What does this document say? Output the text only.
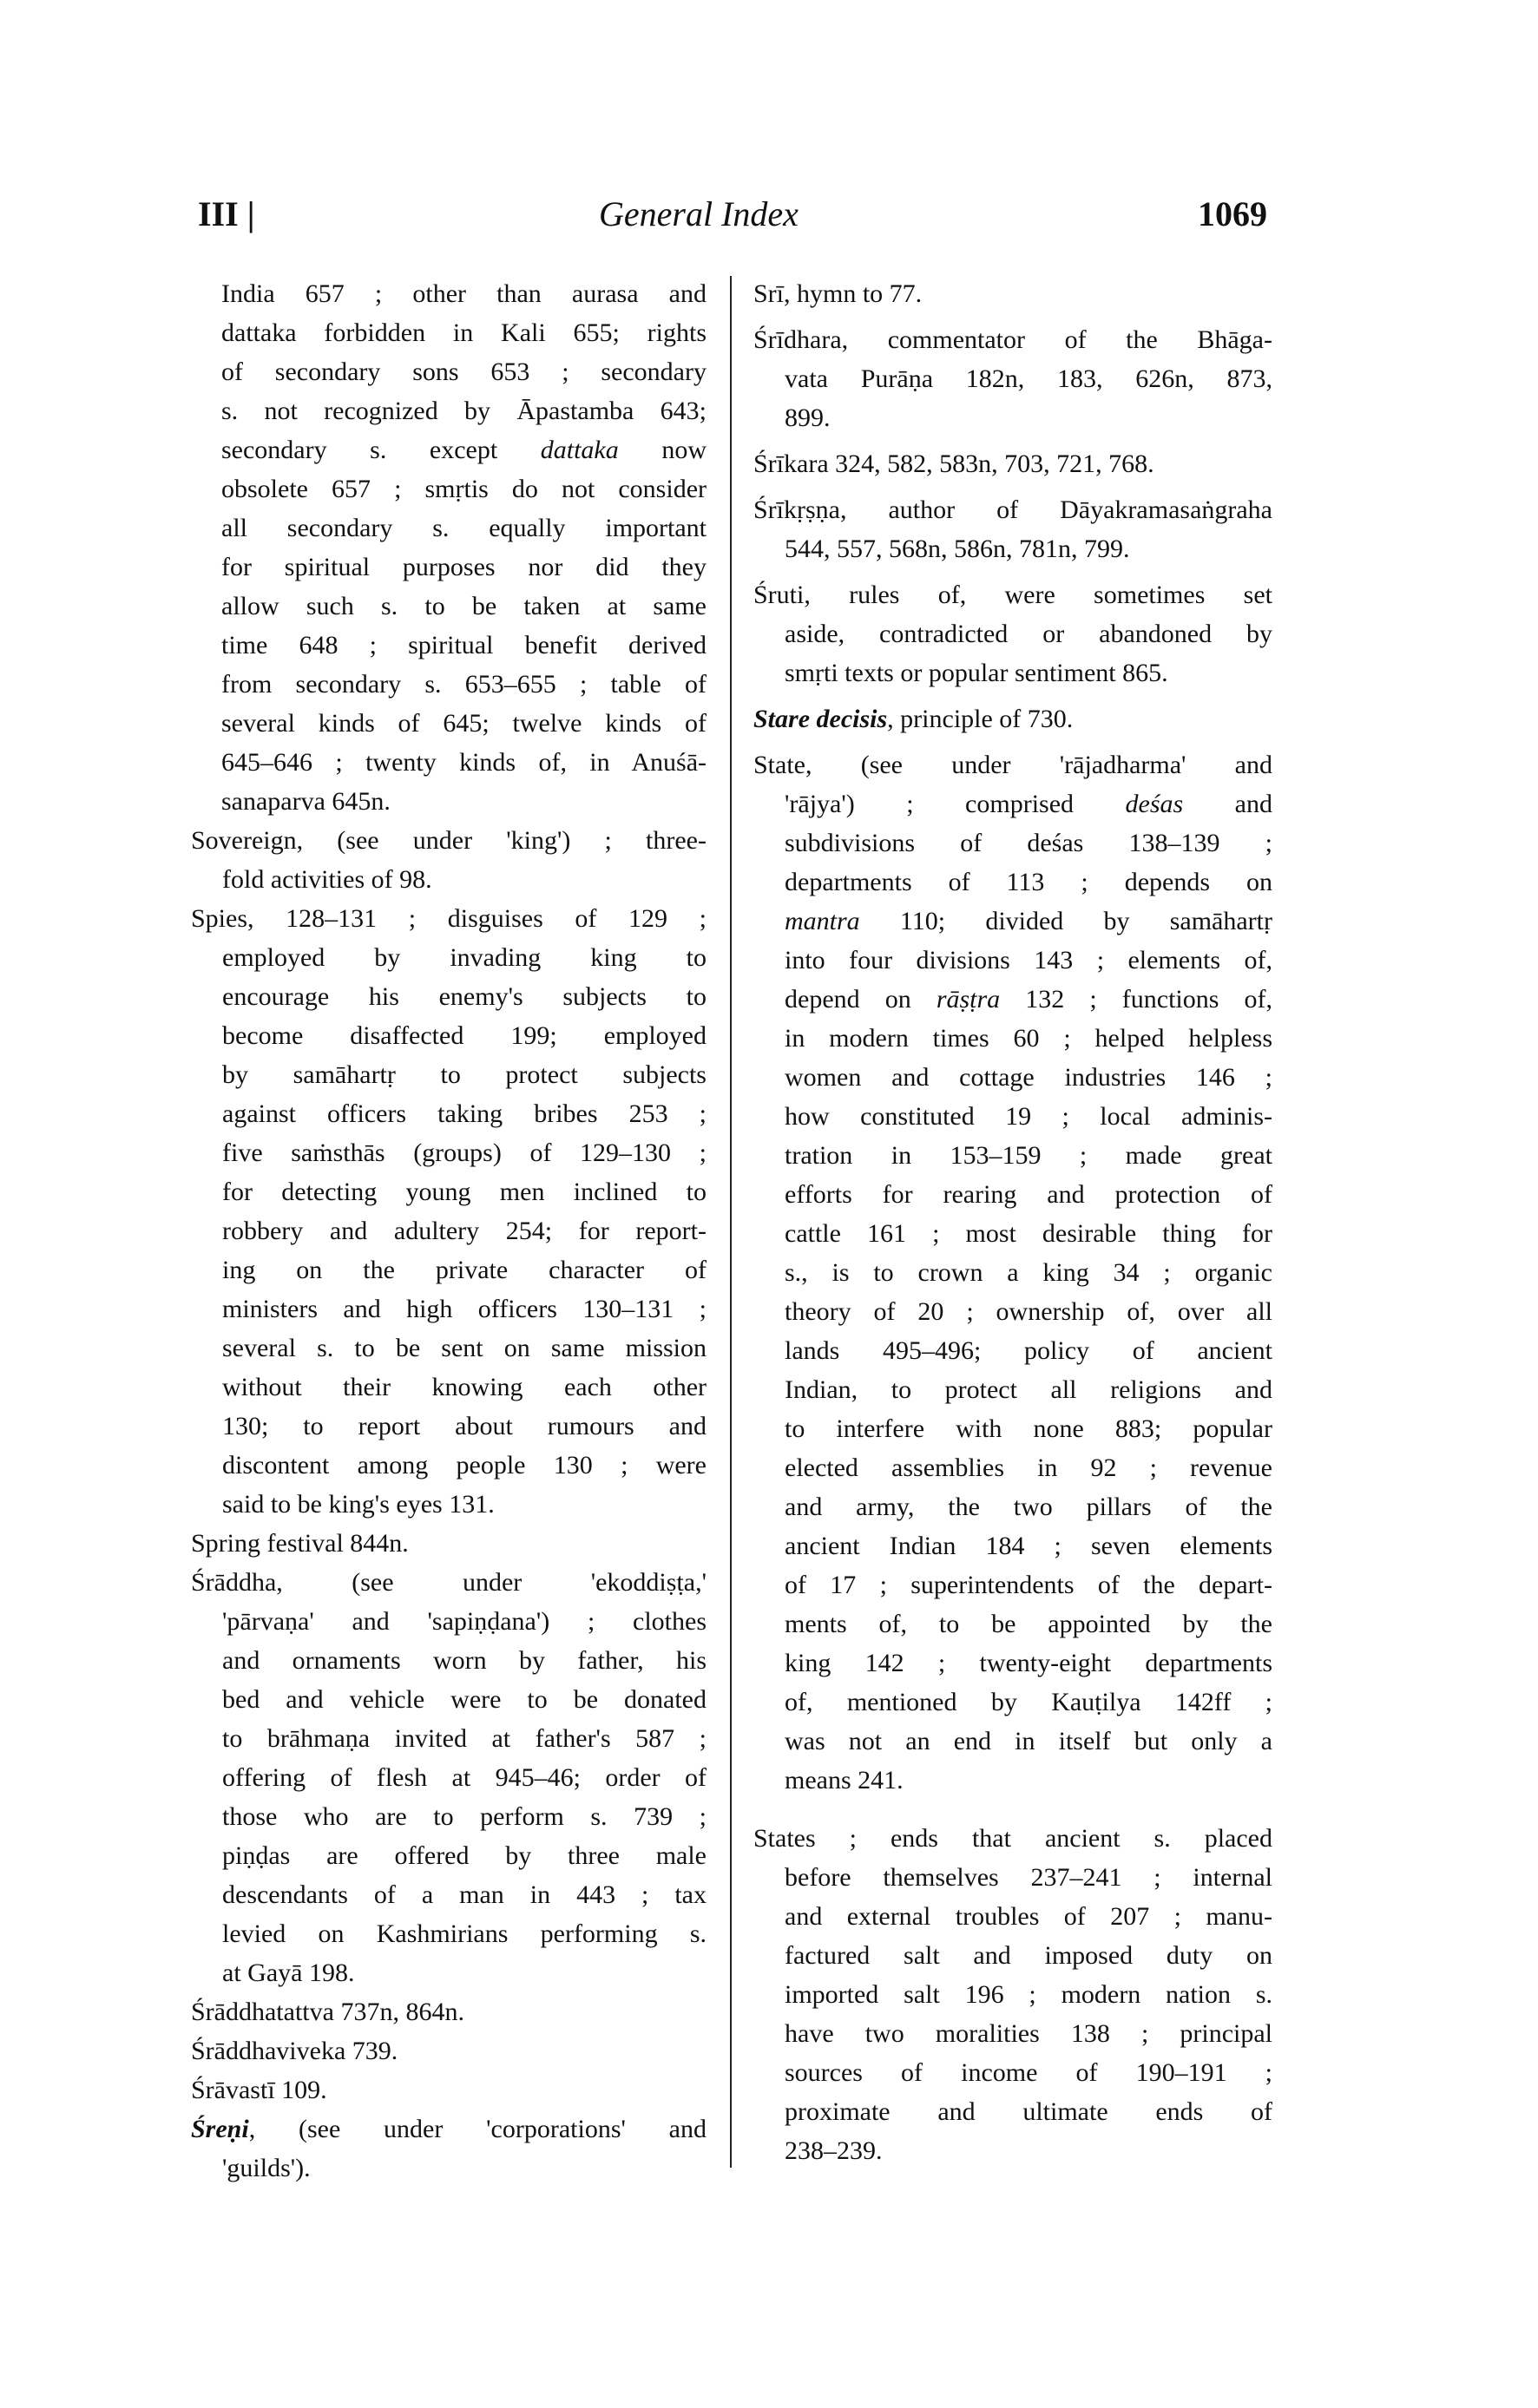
III |	General Index	1069
India 657 ; other than aurasa and
dattaka forbidden in Kali 655; rights
of secondary sons 653 ; secondary
s. not recognized by Āpastamba 643;
secondary s. except dattaka now
obsolete 657 ; smṛtis do not consider
all secondary s. equally important
for spiritual purposes nor did they
allow such s. to be taken at same
time 648 ; spiritual benefit derived
from secondary s. 653–655 ; table of
several kinds of 645; twelve kinds of
645–646 ; twenty kinds of, in Anuśā-
sanaparva 645n.
Sovereign, (see under 'king') ; three-
fold activities of 98.
Spies, 128–131 ; disguises of 129 ;
employed by invading king to
encourage his enemy's subjects to
become disaffected 199; employed
by samāhartṛ to protect subjects
against officers taking bribes 253 ;
five saṁsthās (groups) of 129–130 ;
for detecting young men inclined to
robbery and adultery 254; for report-
ing on the private character of
ministers and high officers 130–131 ;
several s. to be sent on same mission
without their knowing each other
130; to report about rumours and
discontent among people 130 ; were
said to be king's eyes 131.
Spring festival 844n.
Śrāddha, (see under 'ekoddiṣṭa,'
'pārvaṇa' and 'sapiṇḍana') ; clothes
and ornaments worn by father, his
bed and vehicle were to be donated
to brāhmaṇa invited at father's 587 ;
offering of flesh at 945–46; order of
those who are to perform s. 739 ;
piṇḍas are offered by three male
descendants of a man in 443 ; tax
levied on Kashmirians performing s.
at Gayā 198.
Śrāddhatattva 737n, 864n.
Śrāddhaviveka 739.
Śrāvastī 109.
Śreṇi, (see under 'corporations' and
'guilds').
Srī, hymn to 77.
Śrīdhara, commentator of the Bhāga-
vata Purāṇa 182n, 183, 626n, 873,
899.
Śrīkara 324, 582, 583n, 703, 721, 768.
Śrīkṛṣṇa, author of Dāyakramasaṅgraha
544, 557, 568n, 586n, 781n, 799.
Śruti, rules of, were sometimes set
aside, contradicted or abandoned by
smṛti texts or popular sentiment 865.
Stare decisis, principle of 730.
State, (see under 'rājadharma' and
'rājya') ; comprised deśas and
subdivisions of deśas 138–139 ;
departments of 113 ; depends on
mantra 110; divided by samāhartṛ
into four divisions 143 ; elements of,
depend on rāṣṭra 132 ; functions of,
in modern times 60 ; helped helpless
women and cottage industries 146 ;
how constituted 19 ; local adminis-
tration in 153–159 ; made great
efforts for rearing and protection of
cattle 161 ; most desirable thing for
s., is to crown a king 34 ; organic
theory of 20 ; ownership of, over all
lands 495–496; policy of ancient
Indian, to protect all religions and
to interfere with none 883; popular
elected assemblies in 92 ; revenue
and army, the two pillars of the
ancient Indian 184 ; seven elements
of 17 ; superintendents of the depart-
ments of, to be appointed by the
king 142 ; twenty-eight departments
of, mentioned by Kauṭilya 142ff ;
was not an end in itself but only a
means 241.
States ; ends that ancient s. placed
before themselves 237–241 ; internal
and external troubles of 207 ; manu-
factured salt and imposed duty on
imported salt 196 ; modern nation s.
have two moralities 138 ; principal
sources of income of 190–191 ;
proximate and ultimate ends of
238–239.
